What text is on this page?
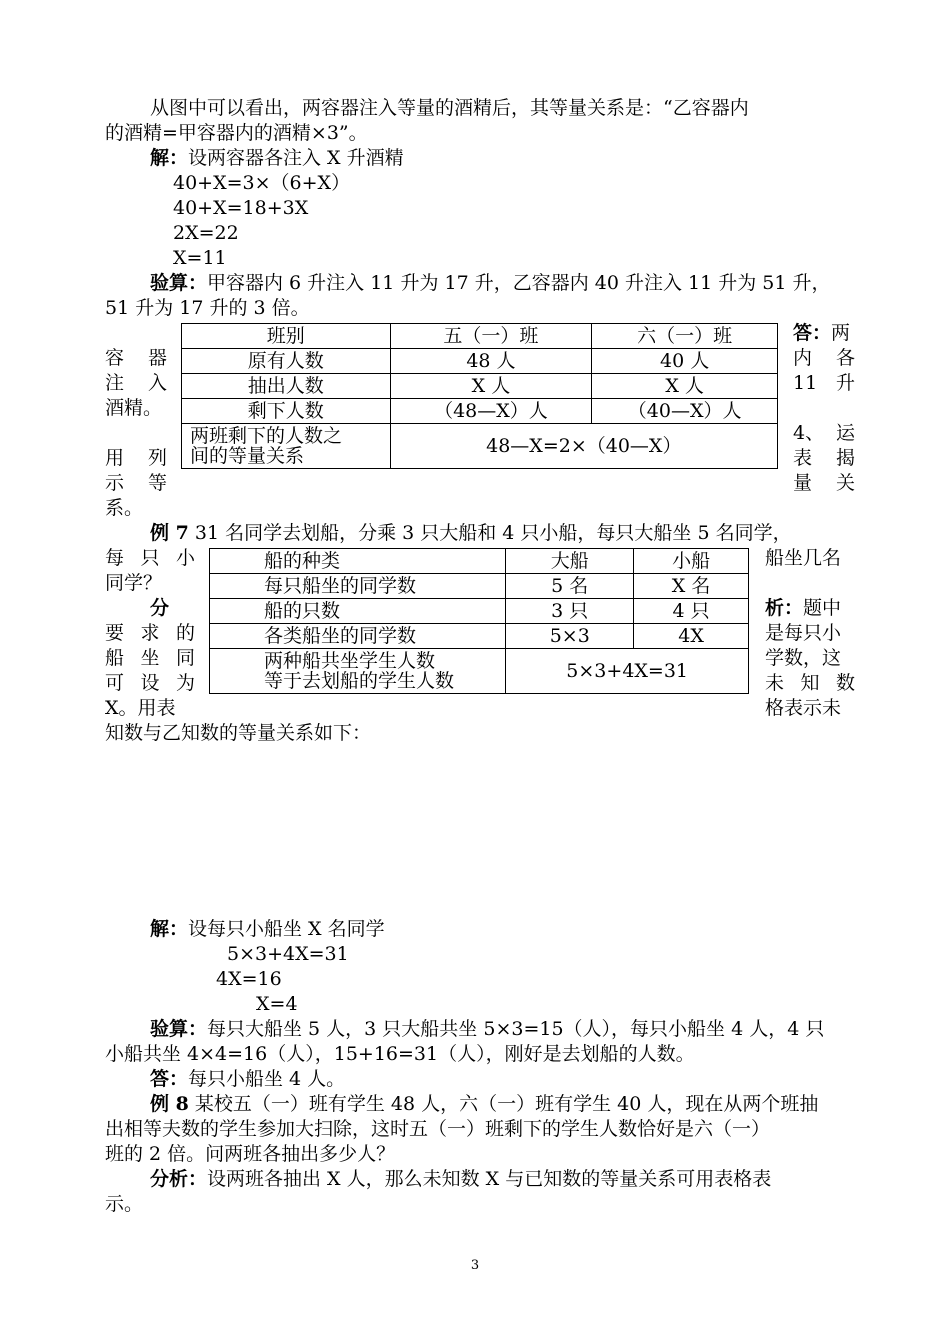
从图中可以看出，两容器注入等量的酒精后，其等量关系是：“乙容器内
的酒精=甲容器内的酒精×3”。
解：设两容器各注入 X 升酒精
40+X=3×（6+X）
40+X=18+3X
2X=22
X=11
验算：甲容器内 6 升注入 11 升为 17 升，乙容器内 40 升注入 11 升为 51 升，
51 升为 17 升的 3 倍。
答：两
内 各
11 升
4、 运
表 揭
量 关
容 器
注 入
酒精。
用 列
示 等
系。
班别	五（一）班	六（一）班
原有人数	48 人	40 人
抽出人数	X 人	X 人
剩下人数	（48—X）人	（40—X）人

两班剩下的人数之
间的等量关系	48—X=2×（40—X）	
例 7 31 名同学去划船，分乘 3 只大船和 4 只小船，每只大船坐 5 名同学，
每 只 小
同学？
分
要 求 的
船 坐 同
可 设 为
X。用表
船坐几名
析：题中
是每只小
学数，这
未 知 数
格表示未
知数与乙知数的等量关系如下：
船的种类	大船	小船
每只船坐的同学数	5 名	X 名
船的只数	3 只	4 只
各类船坐的同学数	5×3	4X

两种船共坐学生人数
等于去划船的学生人数	5×3+4X=31	
解：设每只小船坐 X 名同学
5×3+4X=31
4X=16
X=4
验算：每只大船坐 5 人，3 只大船共坐 5×3=15（人），每只小船坐 4 人，4 只
小船共坐 4×4=16（人），15+16=31（人），刚好是去划船的人数。
答：每只小船坐 4 人。
例 8 某校五（一）班有学生 48 人，六（一）班有学生 40 人，现在从两个班抽
出相等夫数的学生参加大扫除，这时五（一）班剩下的学生人数恰好是六（一）
班的 2 倍。问两班各抽出多少人？
分析：设两班各抽出 X 人，那么未知数 X 与已知数的等量关系可用表格表
示。
3
